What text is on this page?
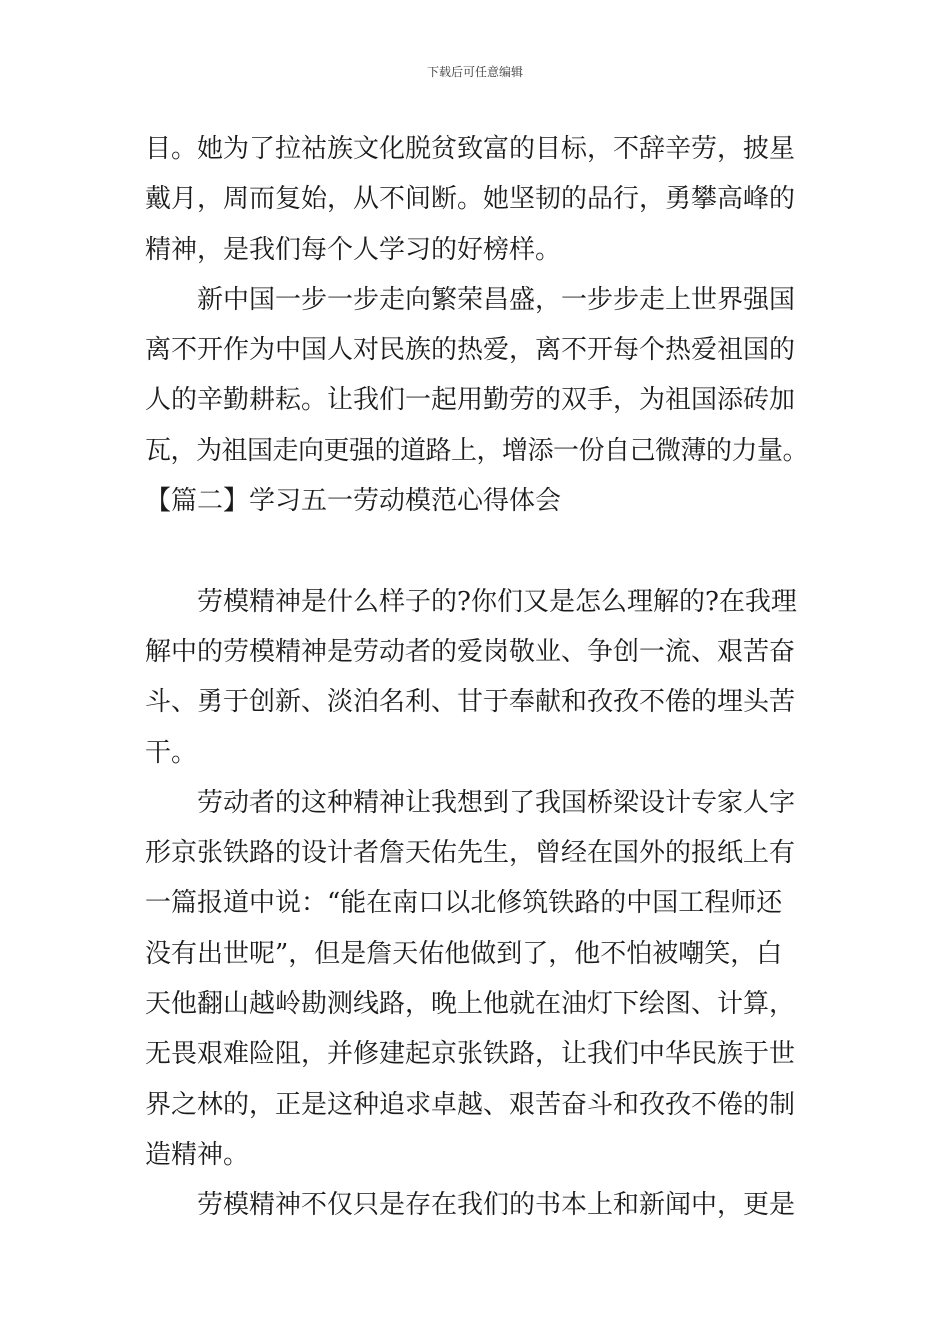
下载后可任意编辑
目。她为了拉祜族文化脱贫致富的目标，不辞辛劳，披星
戴月，周而复始，从不间断。她坚韧的品行，勇攀高峰的
精神，是我们每个人学习的好榜样。
新中国一步一步走向繁荣昌盛，一步步走上世界强国
离不开作为中国人对民族的热爱，离不开每个热爱祖国的
人的辛勤耕耘。让我们一起用勤劳的双手，为祖国添砖加
瓦，为祖国走向更强的道路上，增添一份自己微薄的力量。
【篇二】学习五一劳动模范心得体会
劳模精神是什么样子的?你们又是怎么理解的?在我理
解中的劳模精神是劳动者的爱岗敬业、争创一流、艰苦奋
斗、勇于创新、淡泊名利、甘于奉献和孜孜不倦的埋头苦
干。
劳动者的这种精神让我想到了我国桥梁设计专家人字
形京张铁路的设计者詹天佑先生，曾经在国外的报纸上有
一篇报道中说：“能在南口以北修筑铁路的中国工程师还
没有出世呢”，但是詹天佑他做到了，他不怕被嘲笑，白
天他翻山越岭勘测线路，晚上他就在油灯下绘图、计算，
无畏艰难险阻，并修建起京张铁路，让我们中华民族于世
界之林的，正是这种追求卓越、艰苦奋斗和孜孜不倦的制
造精神。
劳模精神不仅只是存在我们的书本上和新闻中，更是
